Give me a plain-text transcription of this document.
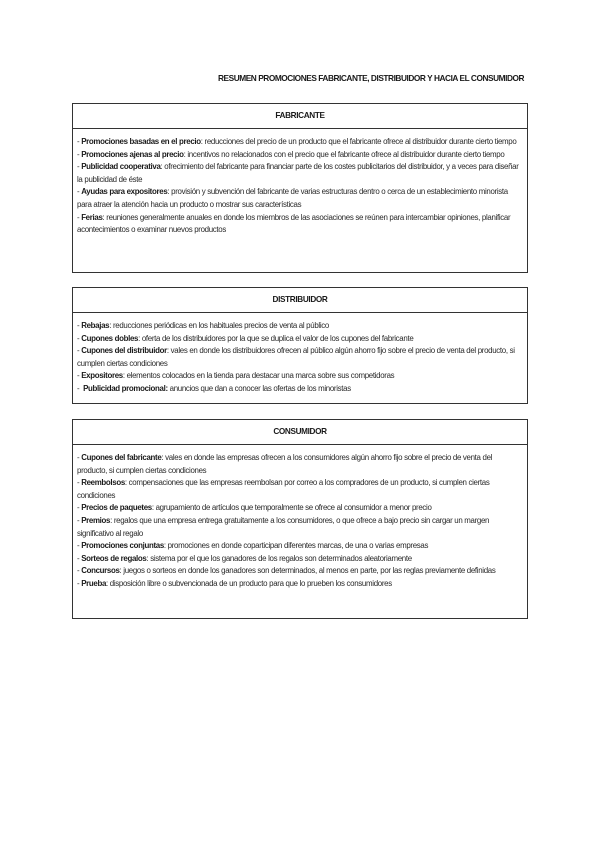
RESUMEN PROMOCIONES FABRICANTE, DISTRIBUIDOR Y HACIA EL CONSUMIDOR
FABRICANTE
- Promociones basadas en el precio: reducciones del precio de un producto que el fabricante ofrece al distribuidor durante cierto tiempo
- Promociones ajenas al precio: incentivos no relacionados con el precio que el fabricante ofrece al distribuidor durante cierto tiempo
- Publicidad cooperativa: ofrecimiento del fabricante para financiar parte de los costes publicitarios del distribuidor, y a veces para diseñar la publicidad de éste
- Ayudas para expositores: provisión y subvención del fabricante de varias estructuras dentro o cerca de un establecimiento minorista para atraer la atención hacia un producto o mostrar sus características
- Ferias: reuniones generalmente anuales en donde los miembros de las asociaciones se reúnen para intercambiar opiniones, planificar acontecimientos o examinar nuevos productos
DISTRIBUIDOR
- Rebajas: reducciones periódicas en los habituales precios de venta al público
- Cupones dobles: oferta de los distribuidores por la que se duplica el valor de los cupones del fabricante
- Cupones del distribuidor: vales en donde los distribuidores ofrecen al público algún ahorro fijo sobre el precio de venta del producto, si cumplen ciertas condiciones
- Expositores: elementos colocados en la tienda para destacar una marca sobre sus competidoras
-  Publicidad promocional: anuncios que dan a conocer las ofertas de los minoristas
CONSUMIDOR
- Cupones del fabricante: vales en donde las empresas ofrecen a los consumidores algún ahorro fijo sobre el precio de venta del producto, si cumplen ciertas condiciones
- Reembolsos: compensaciones que las empresas reembolsan por correo a los compradores de un producto, si cumplen ciertas condiciones
- Precios de paquetes: agrupamiento de artículos que temporalmente se ofrece al consumidor a menor precio
- Premios: regalos que una empresa entrega gratuitamente a los consumidores, o que ofrece a bajo precio sin cargar un margen significativo al regalo
- Promociones conjuntas: promociones en donde coparticipan diferentes marcas, de una o varias empresas
- Sorteos de regalos: sistema por el que los ganadores de los regalos son determinados aleatoriamente
- Concursos: juegos o sorteos en donde los ganadores son determinados, al menos en parte, por las reglas previamente definidas
- Prueba: disposición libre o subvencionada de un producto para que lo prueben los consumidores
